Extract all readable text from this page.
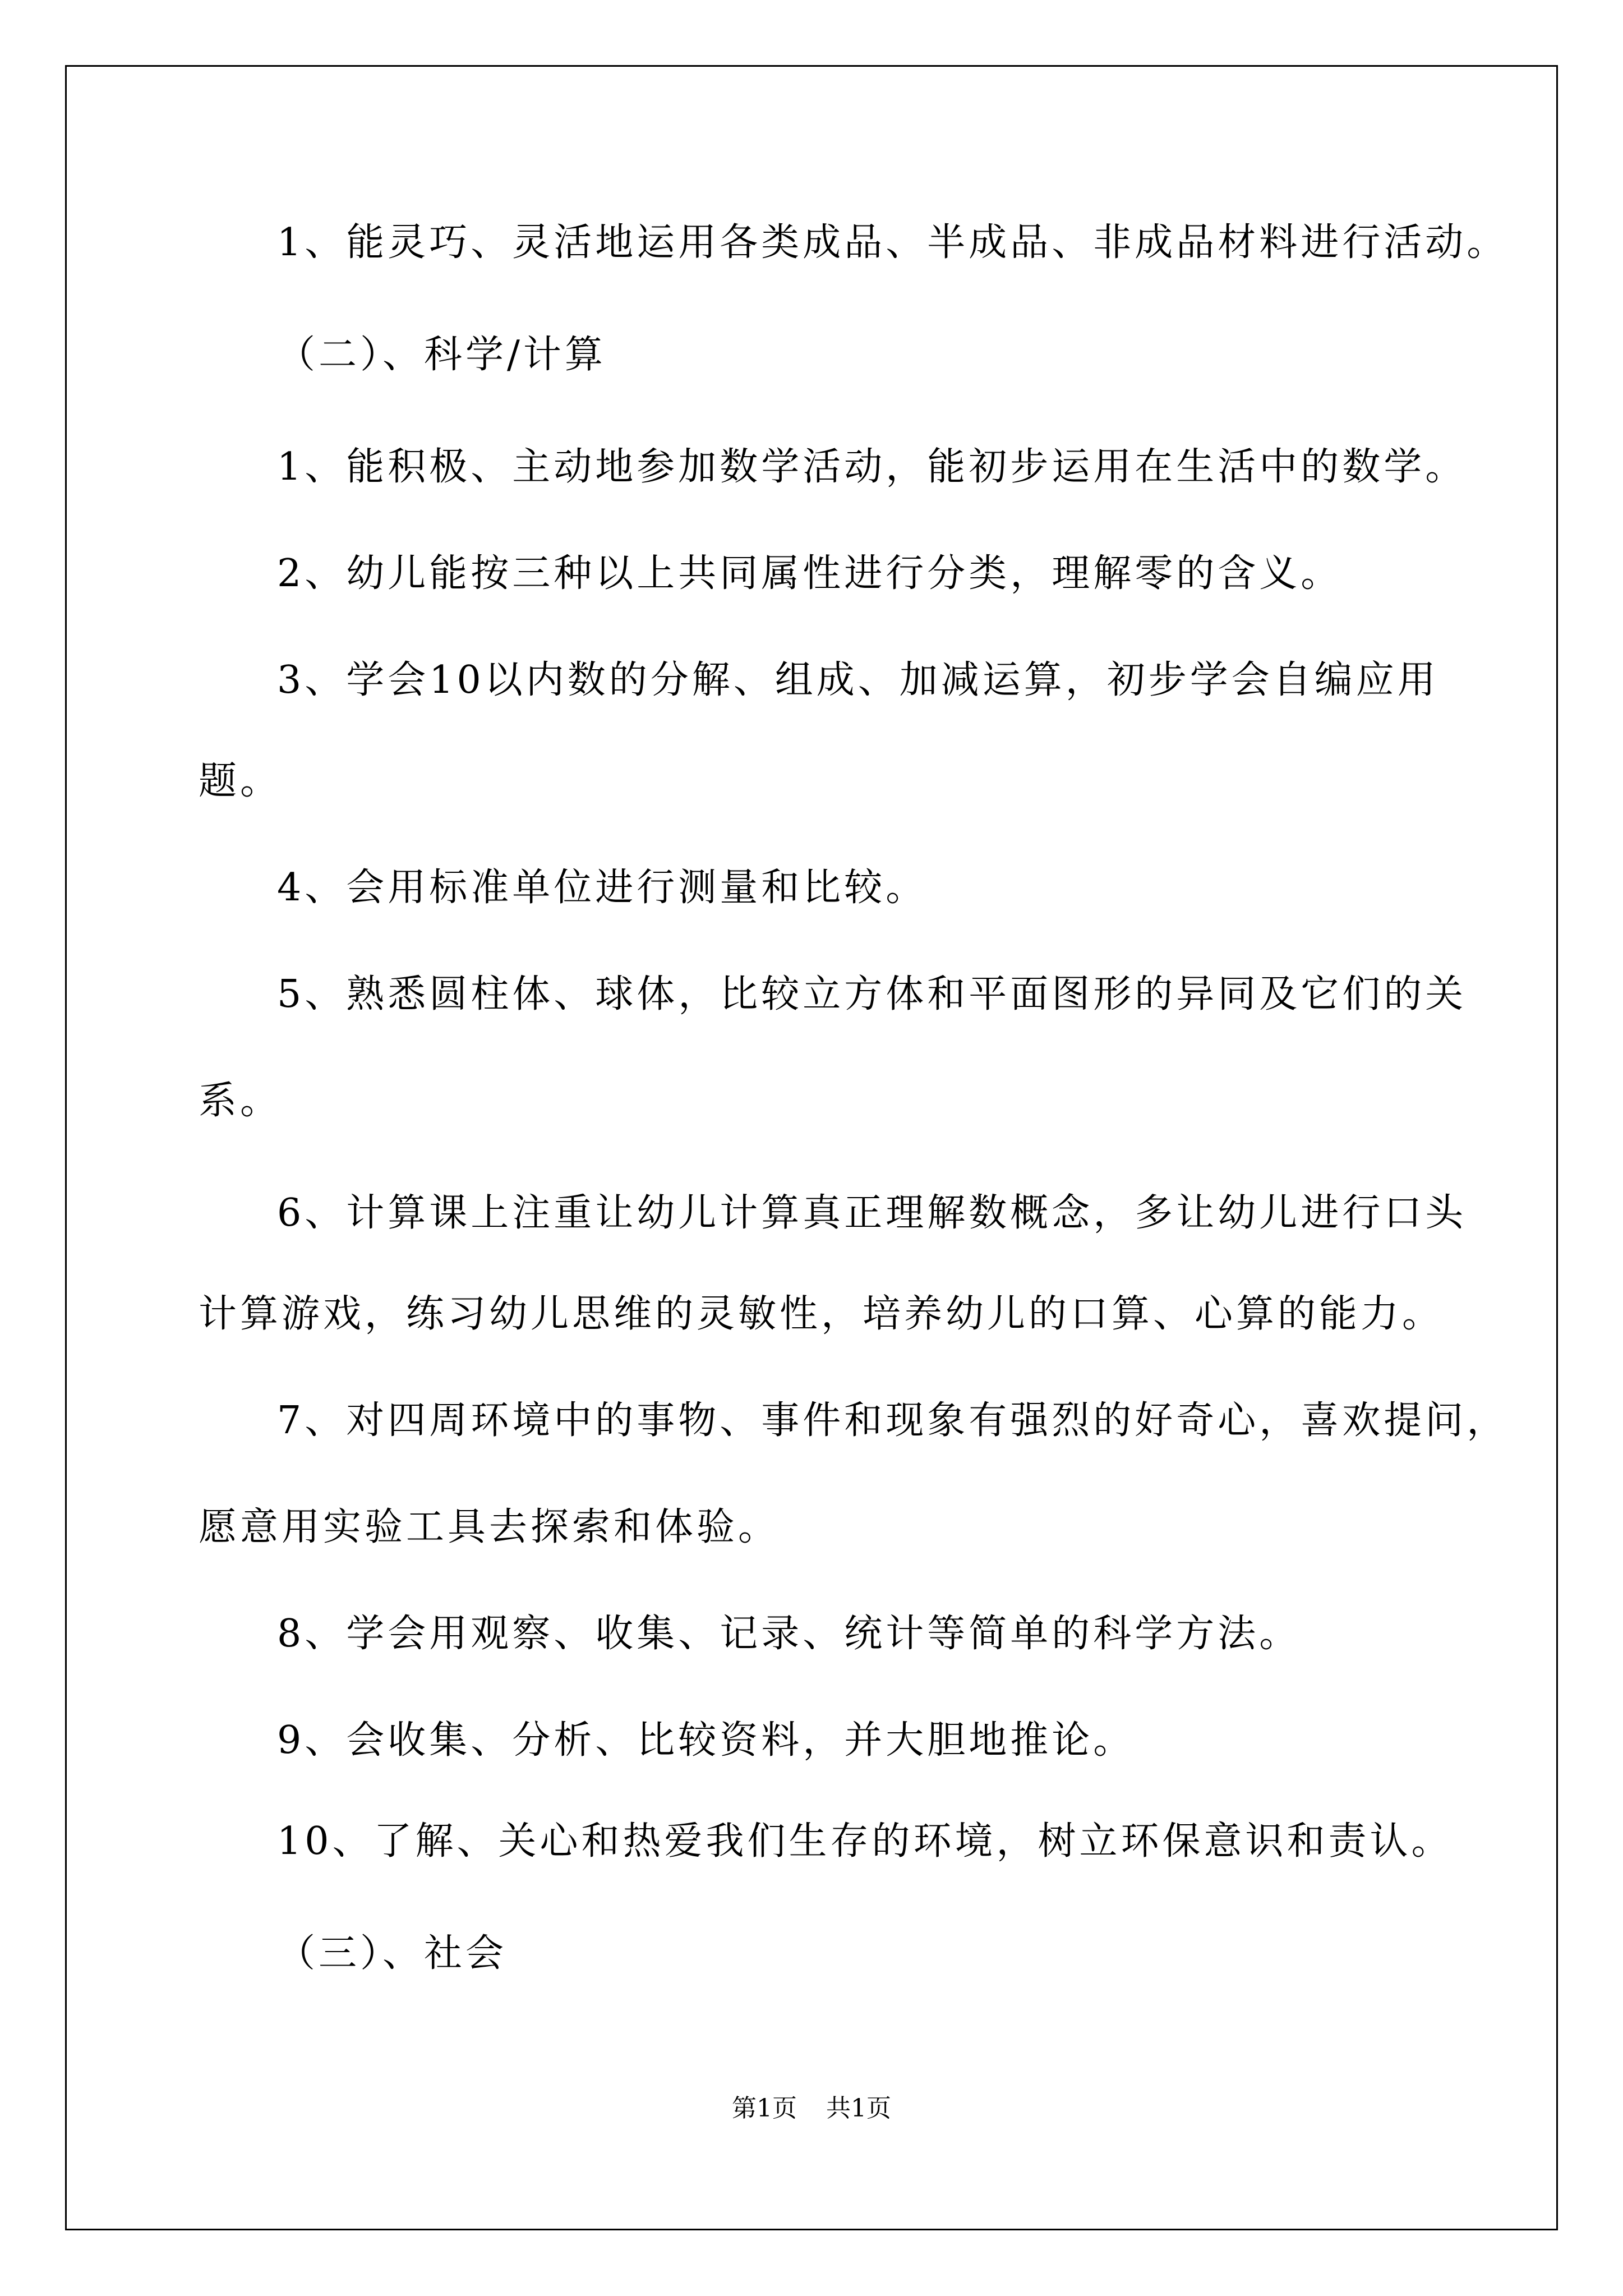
1、能灵巧、灵活地运用各类成品、半成品、非成品材料进行活动。
（二）、科学/计算
1、能积极、主动地参加数学活动，能初步运用在生活中的数学。
2、幼儿能按三种以上共同属性进行分类，理解零的含义。
3、学会10以内数的分解、组成、加减运算，初步学会自编应用
题。
4、会用标准单位进行测量和比较。
5、熟悉圆柱体、球体，比较立方体和平面图形的异同及它们的关
系。
6、计算课上注重让幼儿计算真正理解数概念，多让幼儿进行口头
计算游戏，练习幼儿思维的灵敏性，培养幼儿的口算、心算的能力。
7、对四周环境中的事物、事件和现象有强烈的好奇心，喜欢提问，
愿意用实验工具去探索和体验。
8、学会用观察、收集、记录、统计等简单的科学方法。
9、会收集、分析、比较资料，并大胆地推论。
10、了解、关心和热爱我们生存的环境，树立环保意识和责认。
（三）、社会
第1页 共1页
